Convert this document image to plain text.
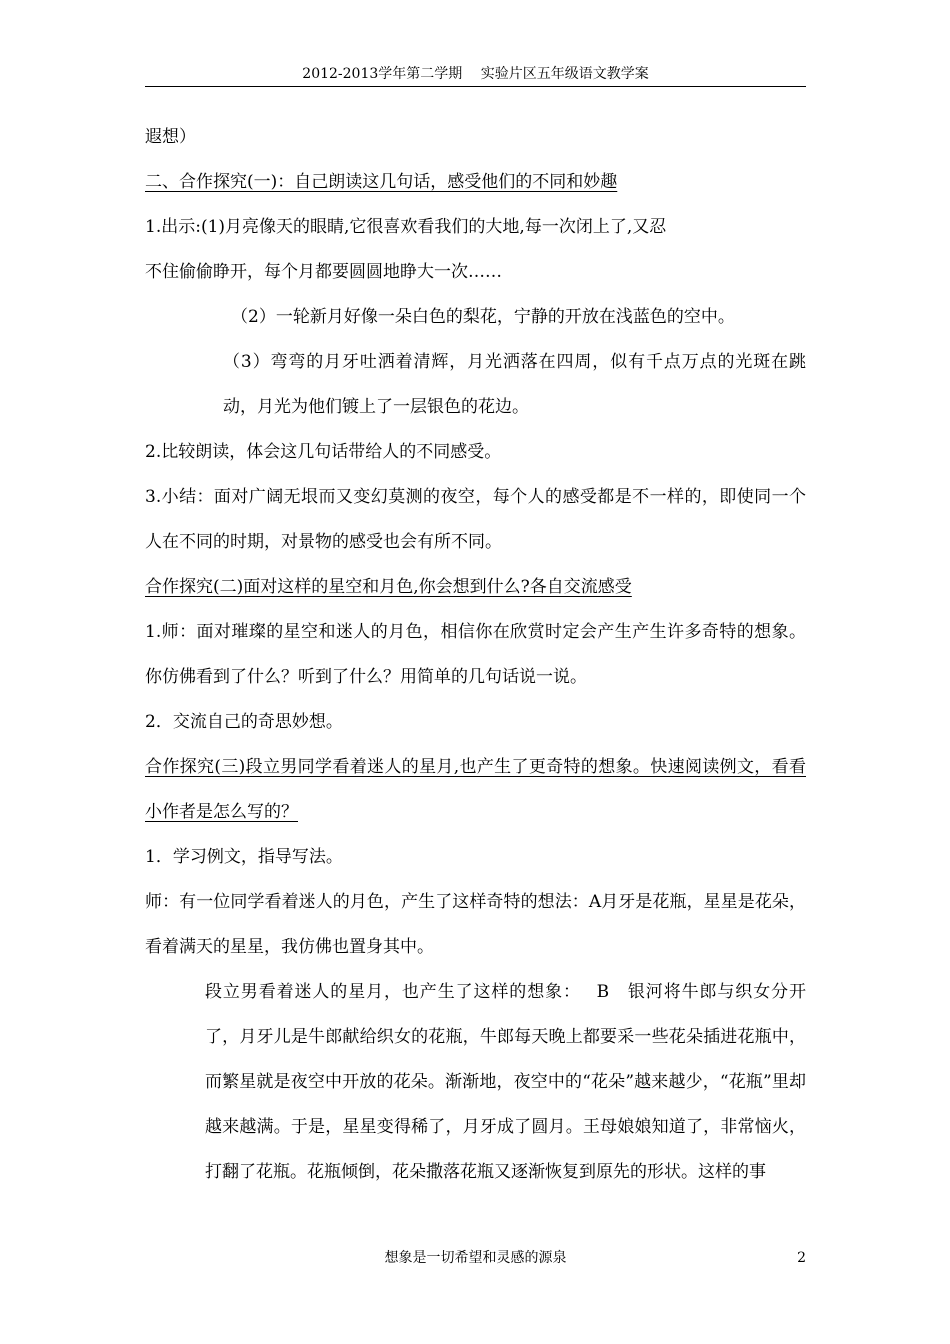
2012-2013学年第二学期　 实验片区五年级语文教学案

遐想）

二、合作探究(一)：自己朗读这几句话，感受他们的不同和妙趣

1.出示:(1)月亮像天的眼睛,它很喜欢看我们的大地,每一次闭上了,又忍

不住偷偷睁开，每个月都要圆圆地睁大一次……

（2）一轮新月好像一朵白色的梨花，宁静的开放在浅蓝色的空中。

（3）弯弯的月牙吐洒着清辉，月光洒落在四周，似有千点万点的光斑在跳动，月光为他们镀上了一层银色的花边。

2.比较朗读，体会这几句话带给人的不同感受。

3.小结：面对广阔无垠而又变幻莫测的夜空，每个人的感受都是不一样的，即使同一个人在不同的时期，对景物的感受也会有所不同。

合作探究(二)面对这样的星空和月色,你会想到什么?各自交流感受

1.师：面对璀璨的星空和迷人的月色，相信你在欣赏时定会产生产生许多奇特的想象。你仿佛看到了什么？听到了什么？用简单的几句话说一说。

2．交流自己的奇思妙想。

合作探究(三)段立男同学看着迷人的星月,也产生了更奇特的想象。快速阅读例文，看看小作者是怎么写的？

1．学习例文，指导写法。

师：有一位同学看着迷人的月色，产生了这样奇特的想法：A月牙是花瓶，星星是花朵，看着满天的星星，我仿佛也置身其中。

段立男看着迷人的星月，也产生了这样的想象：　 B　银河将牛郎与织女分开了，月牙儿是牛郎献给织女的花瓶，牛郎每天晚上都要采一些花朵插进花瓶中，而繁星就是夜空中开放的花朵。渐渐地，夜空中的“花朵”越来越少，“花瓶”里却越来越满。于是，星星变得稀了，月牙成了圆月。王母娘娘知道了，非常恼火，打翻了花瓶。花瓶倾倒，花朵撒落花瓶又逐渐恢复到原先的形状。这样的事

想象是一切希望和灵感的源泉	2
